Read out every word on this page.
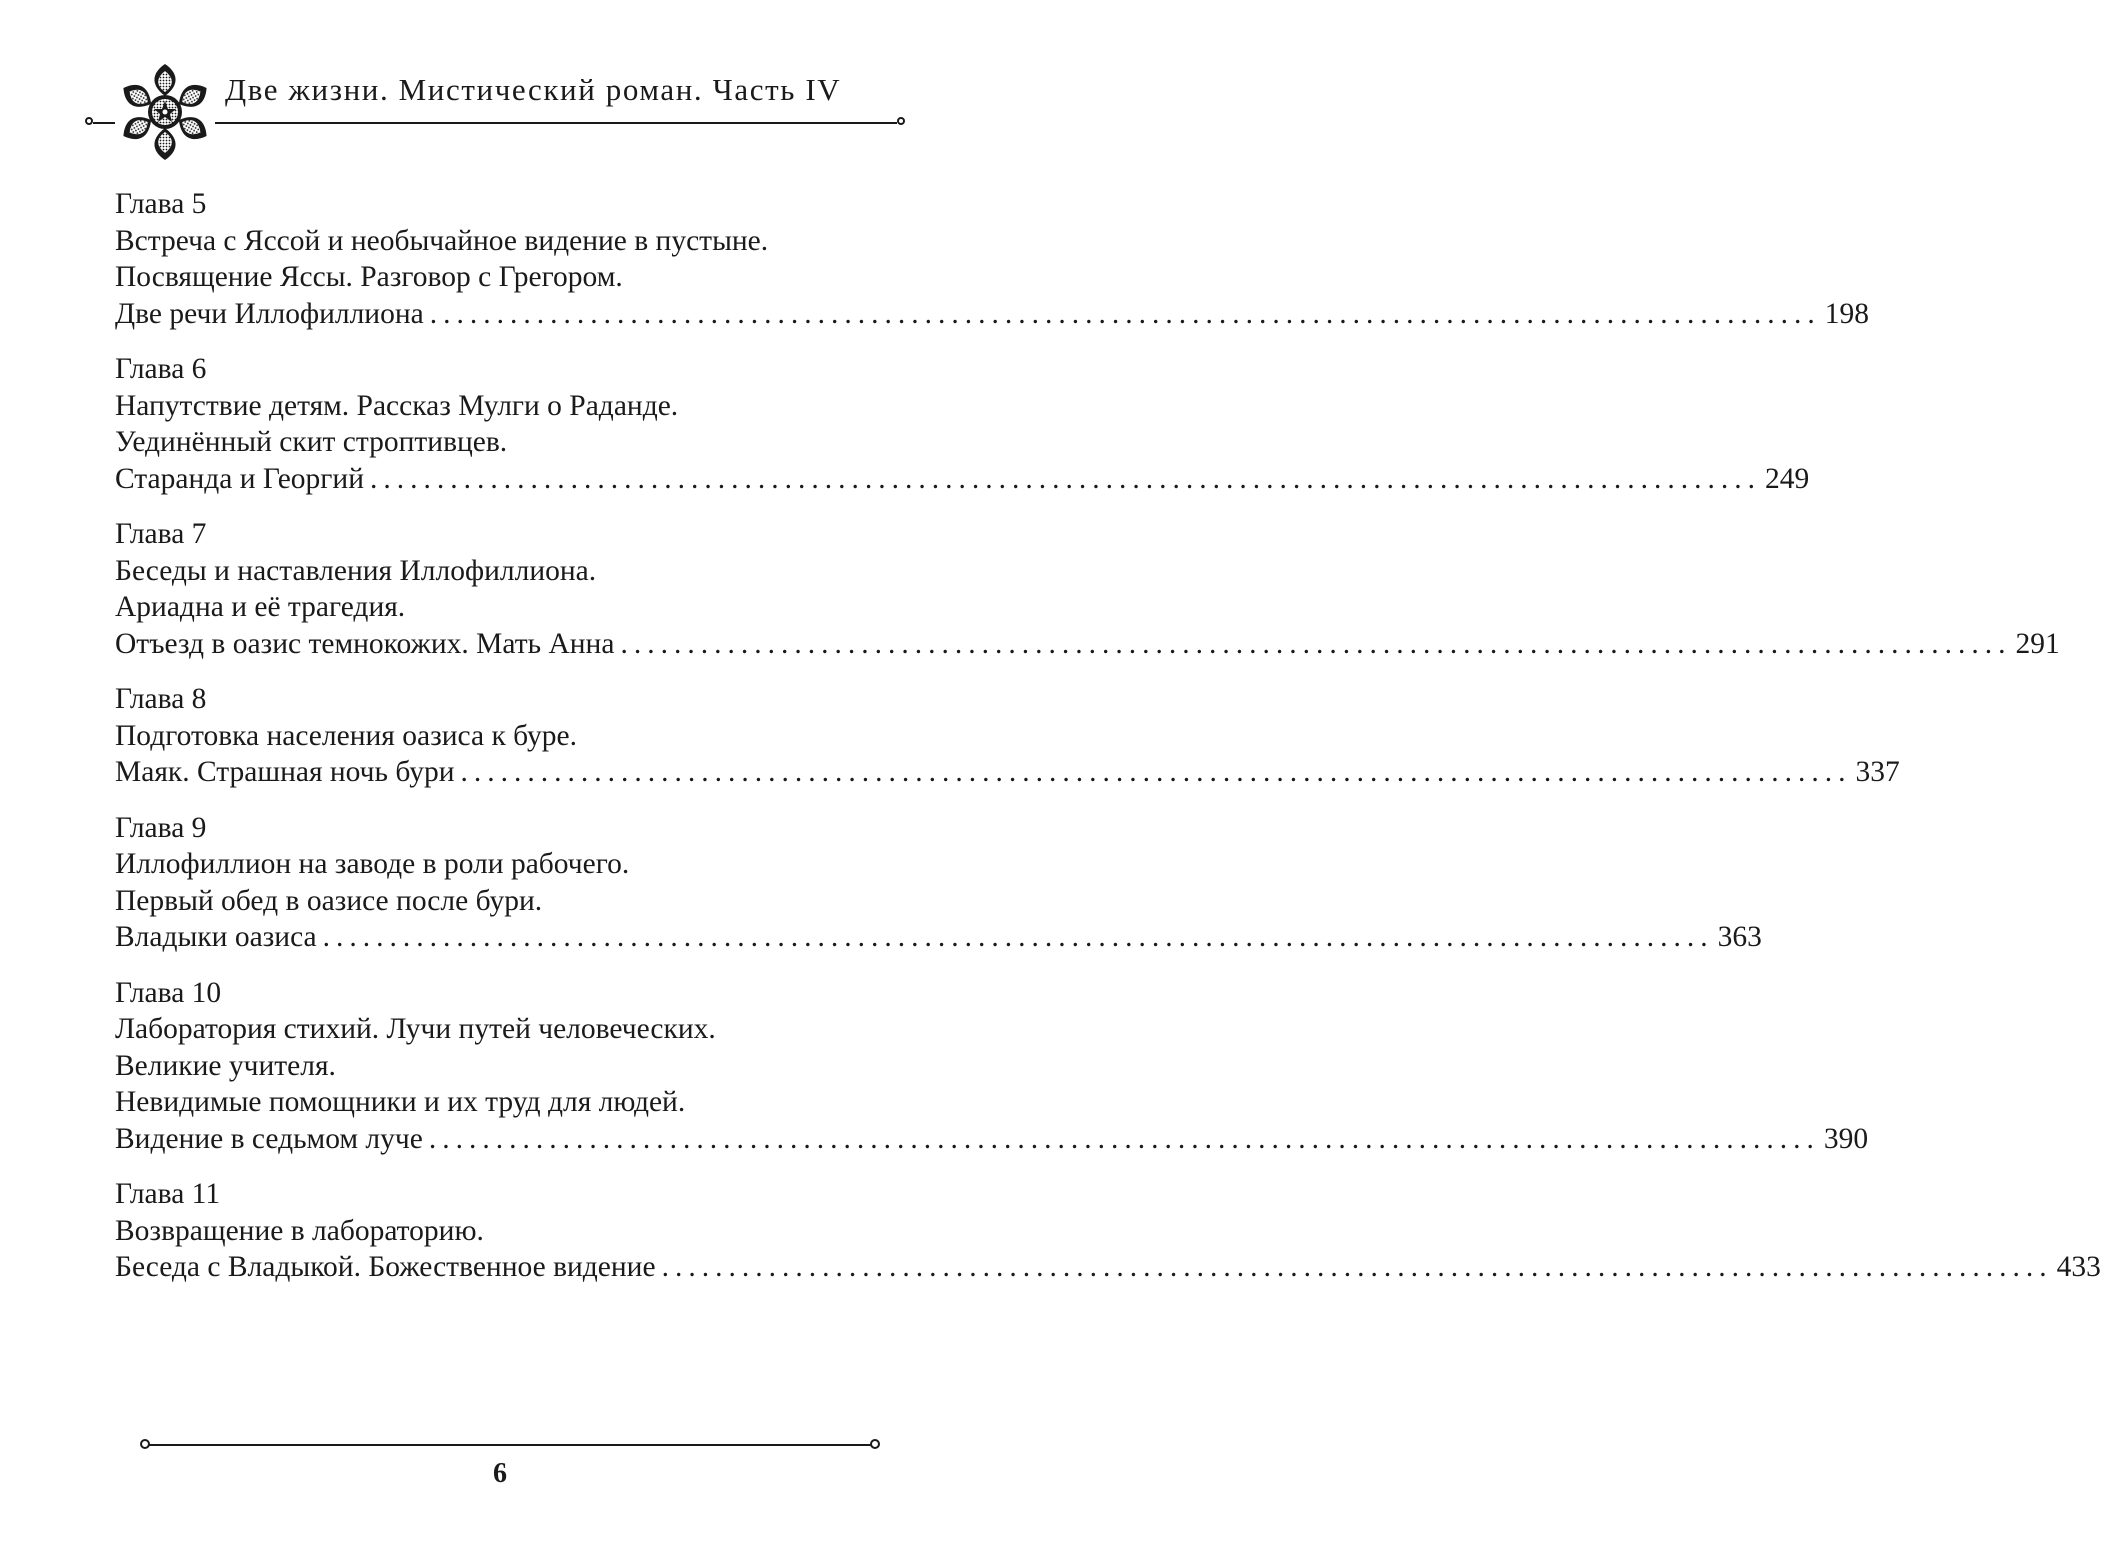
Две жизни. Мистический роман. Часть IV
Глава 5
Встреча с Яссой и необычайное видение в пустыне.
Посвящение Яссы. Разговор с Грегором.
Две речи Иллофиллиона ........................................................................................................ 198
Глава 6
Напутствие детям. Рассказ Мулги о Раданде.
Уединённый скит строптивцев.
Старанда и Георгий ........................................................................................................ 249
Глава 7
Беседы и наставления Иллофиллиона.
Ариадна и её трагедия.
Отъезд в оазис темнокожих. Мать Анна ........................................................................................................ 291
Глава 8
Подготовка населения оазиса к буре.
Маяк. Страшная ночь бури ........................................................................................................ 337
Глава 9
Иллофиллион на заводе в роли рабочего.
Первый обед в оазисе после бури.
Владыки оазиса ........................................................................................................ 363
Глава 10
Лаборатория стихий. Лучи путей человеческих.
Великие учителя.
Невидимые помощники и их труд для людей.
Видение в седьмом луче ........................................................................................................ 390
Глава 11
Возвращение в лабораторию.
Беседа с Владыкой. Божественное видение ........................................................................................................ 433
6
